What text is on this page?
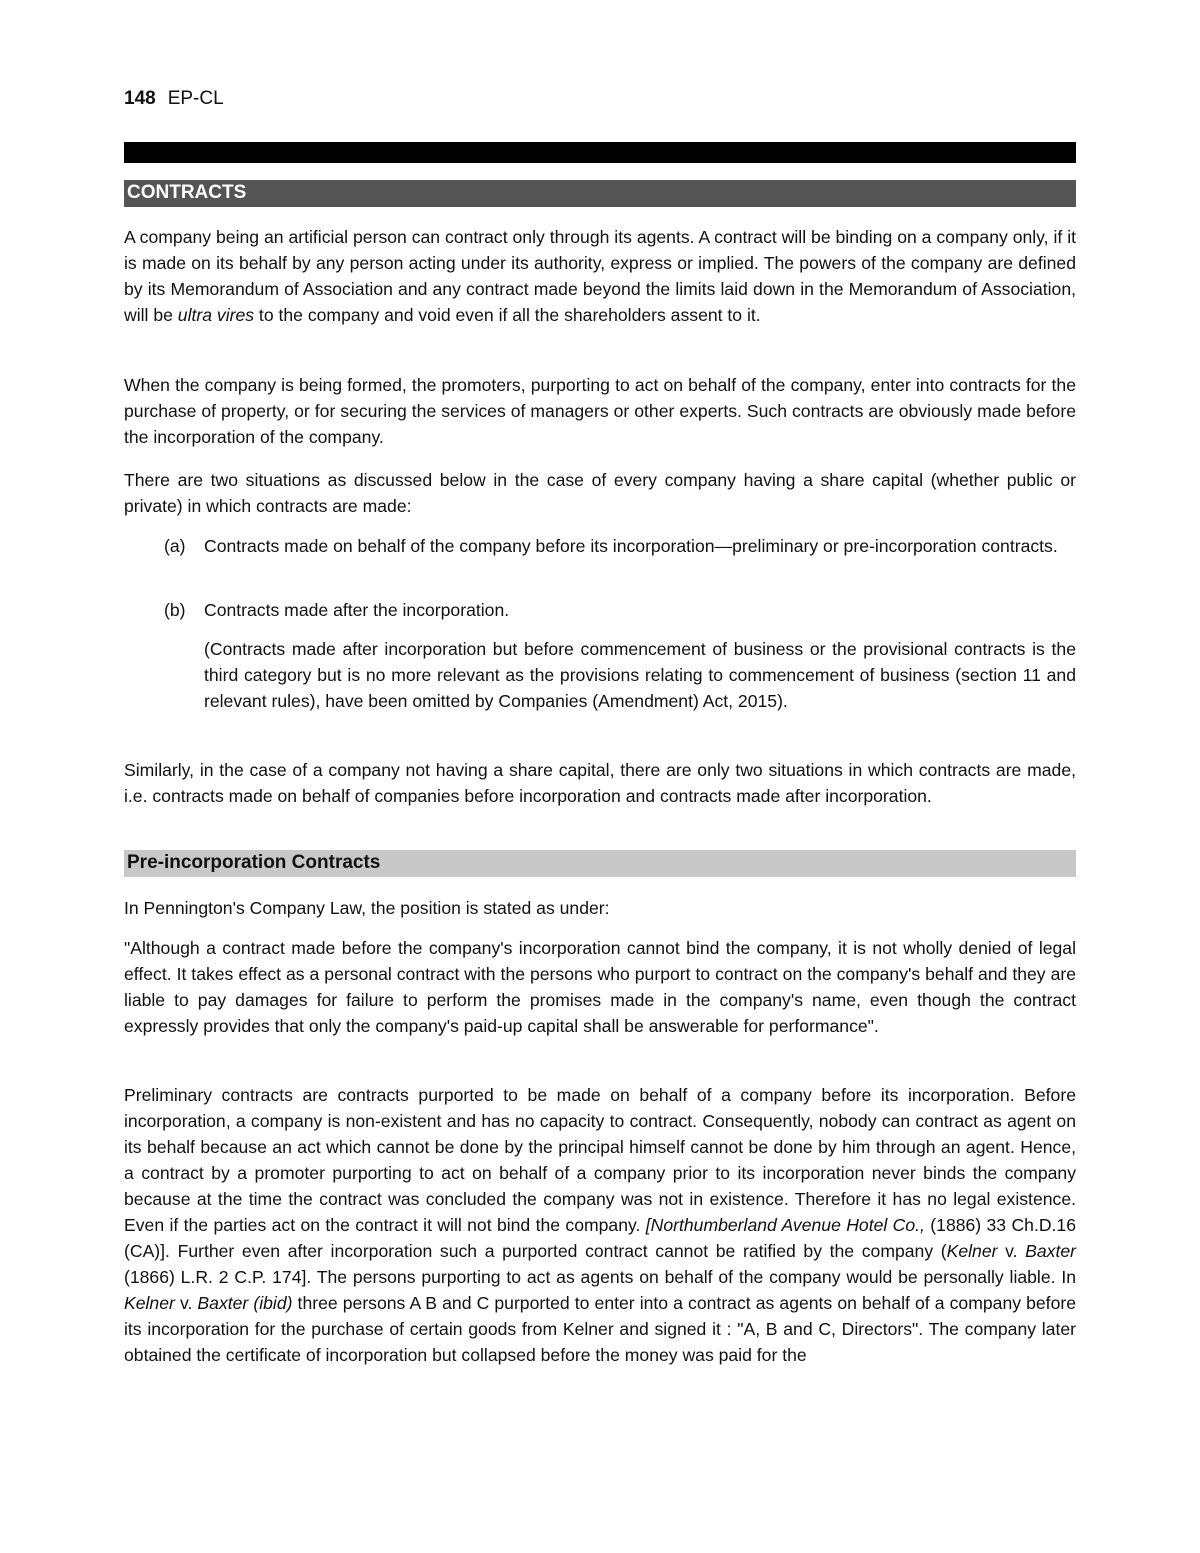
148 EP-CL
CONTRACTS

A company being an artificial person can contract only through its agents. A contract will be binding on a company only, if it is made on its behalf by any person acting under its authority, express or implied. The powers of the company are defined by its Memorandum of Association and any contract made beyond the limits laid down in the Memorandum of Association, will be ultra vires to the company and void even if all the shareholders assent to it.

When the company is being formed, the promoters, purporting to act on behalf of the company, enter into contracts for the purchase of property, or for securing the services of managers or other experts. Such contracts are obviously made before the incorporation of the company.

There are two situations as discussed below in the case of every company having a share capital (whether public or private) in which contracts are made:

(a) Contracts made on behalf of the company before its incorporation—preliminary or pre-incorporation contracts.
(b) Contracts made after the incorporation.
(Contracts made after incorporation but before commencement of business or the provisional contracts is the third category but is no more relevant as the provisions relating to commencement of business (section 11 and relevant rules), have been omitted by Companies (Amendment) Act, 2015).

Similarly, in the case of a company not having a share capital, there are only two situations in which contracts are made, i.e. contracts made on behalf of companies before incorporation and contracts made after incorporation.

Pre-incorporation Contracts

In Pennington's Company Law, the position is stated as under:

"Although a contract made before the company's incorporation cannot bind the company, it is not wholly denied of legal effect. It takes effect as a personal contract with the persons who purport to contract on the company's behalf and they are liable to pay damages for failure to perform the promises made in the company's name, even though the contract expressly provides that only the company's paid-up capital shall be answerable for performance".

Preliminary contracts are contracts purported to be made on behalf of a company before its incorporation. Before incorporation, a company is non-existent and has no capacity to contract. Consequently, nobody can contract as agent on its behalf because an act which cannot be done by the principal himself cannot be done by him through an agent. Hence, a contract by a promoter purporting to act on behalf of a company prior to its incorporation never binds the company because at the time the contract was concluded the company was not in existence. Therefore it has no legal existence. Even if the parties act on the contract it will not bind the company. [Northumberland Avenue Hotel Co., (1886) 33 Ch.D.16 (CA)]. Further even after incorporation such a purported contract cannot be ratified by the company (Kelner v. Baxter (1866) L.R. 2 C.P. 174]. The persons purporting to act as agents on behalf of the company would be personally liable. In Kelner v. Baxter (ibid) three persons A B and C purported to enter into a contract as agents on behalf of a company before its incorporation for the purchase of certain goods from Kelner and signed it : "A, B and C, Directors". The company later obtained the certificate of incorporation but collapsed before the money was paid for the
